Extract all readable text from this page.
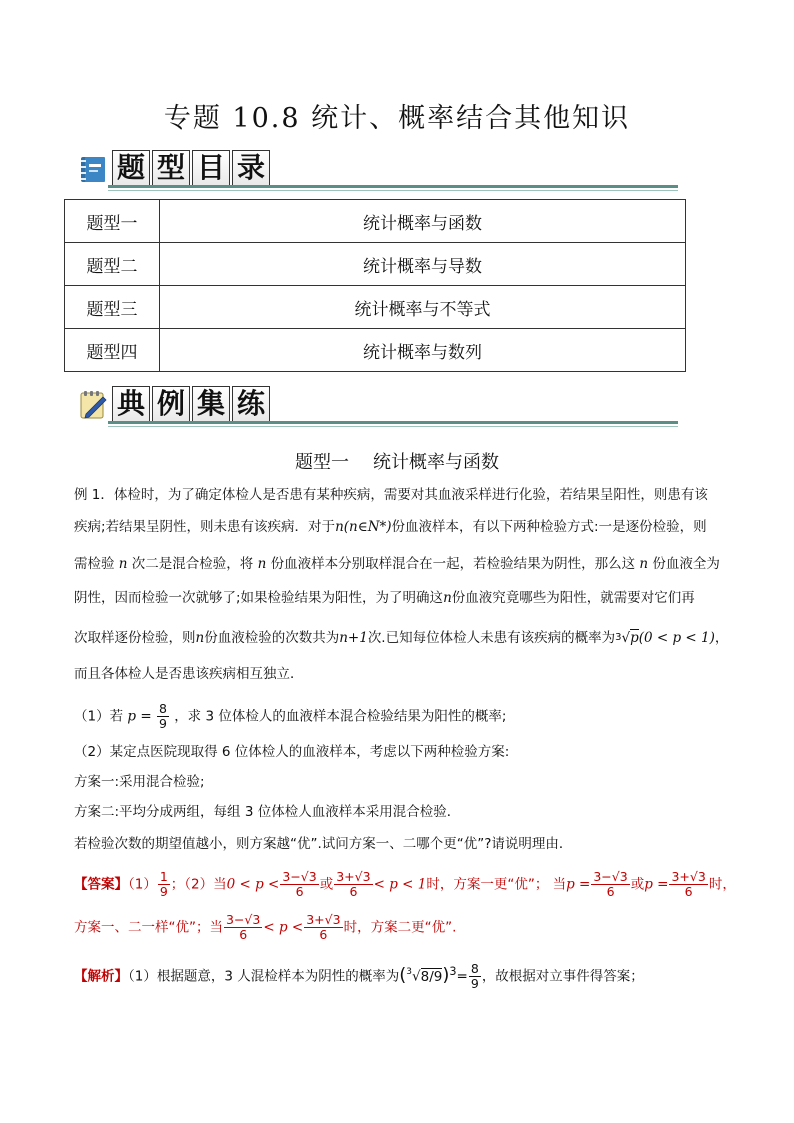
专题 10.8 统计、概率结合其他知识
题 型 目 录
题型一	统计概率与函数
题型二	统计概率与导数
题型三	统计概率与不等式
题型四	统计概率与数列
典 例 集 练
题型一 统计概率与函数
例 1．体检时，为了确定体检人是否患有某种疾病，需要对其血液采样进行化验，若结果呈阳性，则患有该
疾病;若结果呈阴性，则未患有该疾病．对于n(n∈N*)份血液样本，有以下两种检验方式:一是逐份检验，则
需检验 n 次二是混合检验，将 n 份血液样本分别取样混合在一起，若检验结果为阴性，那么这 n 份血液全为
阴性，因而检验一次就够了;如果检验结果为阳性，为了明确这n份血液究竟哪些为阳性，就需要对它们再
次取样逐份检验，则n份血液检验的次数共为n+1次.已知每位体检人未患有该疾病的概率为$^3$√p(0 < p < 1)，
而且各体检人是否患该疾病相互独立．
（1）若 $p = \frac{8}{9}$ ，求 3 位体检人的血液样本混合检验结果为阳性的概率;
（2）某定点医院现取得 6 位体检人的血液样本，考虑以下两种检验方案:
方案一:采用混合检验;
方案二:平均分成两组，每组 3 位体检人血液样本采用混合检验．
若检验次数的期望值越小，则方案越“优”.试问方案一、二哪个更“优”?请说明理由．
【答案】$(1) \frac{1}{9}$ ；（2）当$0 < p < \frac{3-√3}{6}$ 或 $\frac{3+√3}{6} < p < 1$时，方案一更“优”； 当$p = \frac{3-√3}{6}$ 或$p = \frac{3+√3}{6}$ 时，
方案一、二一样“优”；当 $\frac{3-√3}{6} < p < \frac{3+√3}{6}$ 时，方案二更“优”.
【解析】（1）根据题意，3 人混检样本为阴性的概率为$(^3√8/9)^3= \frac{8}{9}$ ，故根据对立事件得答案；
